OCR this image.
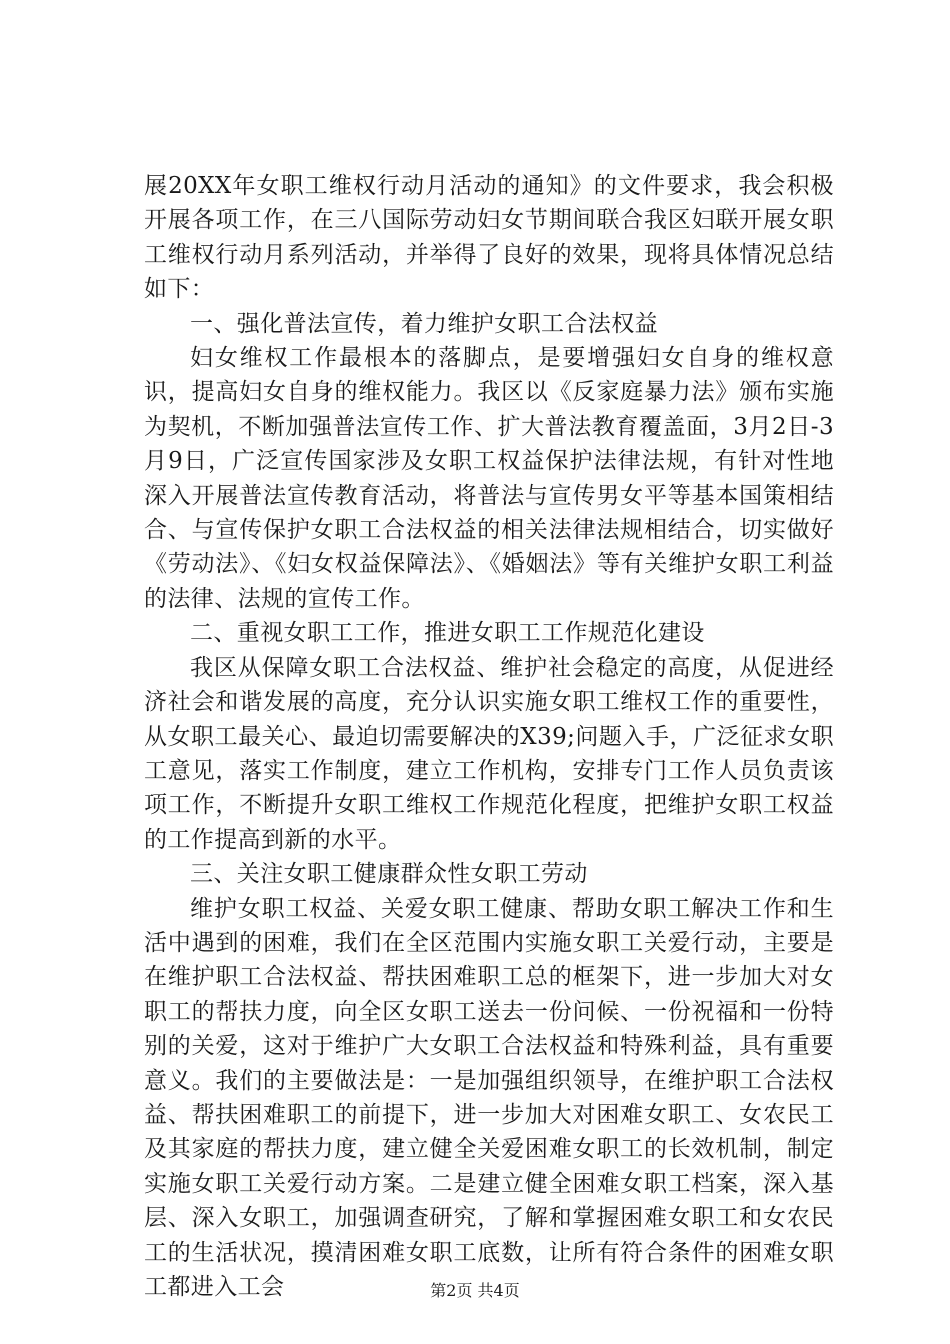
展20XX年女职工维权行动月活动的通知》的文件要求，我会积极开展各项工作，在三八国际劳动妇女节期间联合我区妇联开展女职工维权行动月系列活动，并举得了良好的效果，现将具体情况总结如下：

一、强化普法宣传，着力维护女职工合法权益

妇女维权工作最根本的落脚点，是要增强妇女自身的维权意识，提高妇女自身的维权能力。我区以《反家庭暴力法》颁布实施为契机，不断加强普法宣传工作、扩大普法教育覆盖面，3月2日-3月9日，广泛宣传国家涉及女职工权益保护法律法规，有针对性地深入开展普法宣传教育活动，将普法与宣传男女平等基本国策相结合、与宣传保护女职工合法权益的相关法律法规相结合，切实做好《劳动法》、《妇女权益保障法》、《婚姻法》等有关维护女职工利益的法律、法规的宣传工作。

二、重视女职工工作，推进女职工工作规范化建设

我区从保障女职工合法权益、维护社会稳定的高度，从促进经济社会和谐发展的高度，充分认识实施女职工维权工作的重要性，从女职工最关心、最迫切需要解决的X39;问题入手，广泛征求女职工意见，落实工作制度，建立工作机构，安排专门工作人员负责该项工作，不断提升女职工维权工作规范化程度，把维护女职工权益的工作提高到新的水平。

三、关注女职工健康群众性女职工劳动

维护女职工权益、关爱女职工健康、帮助女职工解决工作和生活中遇到的困难，我们在全区范围内实施女职工关爱行动，主要是在维护职工合法权益、帮扶困难职工总的框架下，进一步加大对女职工的帮扶力度，向全区女职工送去一份问候、一份祝福和一份特别的关爱，这对于维护广大女职工合法权益和特殊利益，具有重要意义。我们的主要做法是：一是加强组织领导，在维护职工合法权益、帮扶困难职工的前提下，进一步加大对困难女职工、女农民工及其家庭的帮扶力度，建立健全关爱困难女职工的长效机制，制定实施女职工关爱行动方案。二是建立健全困难女职工档案，深入基层、深入女职工，加强调查研究，了解和掌握困难女职工和女农民工的生活状况，摸清困难女职工底数，让所有符合条件的困难女职工都进入工会	第2页 共4页
